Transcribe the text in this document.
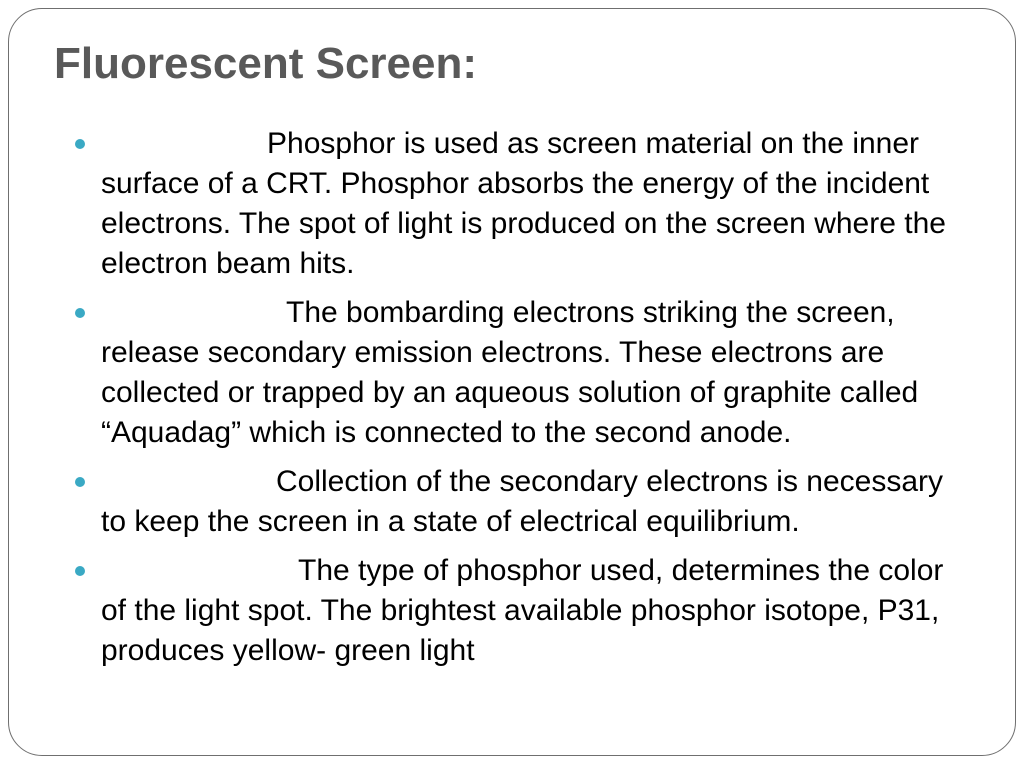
Fluorescent Screen:
Phosphor is used as screen material on the inner surface of a CRT. Phosphor absorbs the energy of the incident electrons. The spot of light is produced on the screen where the electron beam hits.
The bombarding electrons striking the screen, release secondary emission electrons. These electrons are collected or trapped by an aqueous solution of graphite called “Aquadag” which is connected to the second anode.
Collection of the secondary electrons is necessary to keep the screen in a state of electrical equilibrium.
The type of phosphor used, determines the color of the light spot. The brightest available phosphor isotope, P31, produces yellow- green light
